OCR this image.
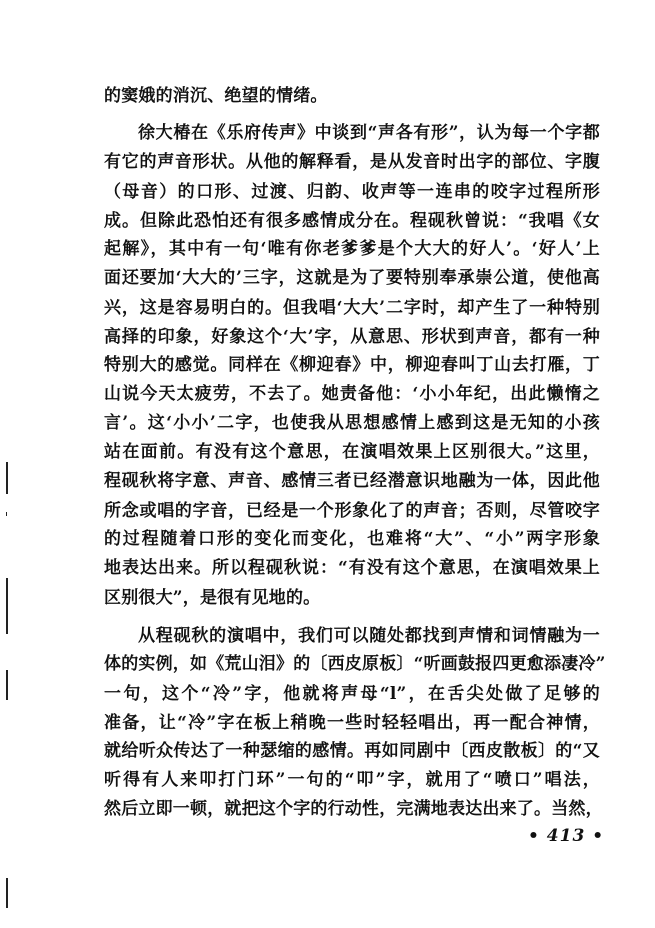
的窦娥的消沉、绝望的情绪。
徐大椿在《乐府传声》中谈到“声各有形”，认为每一个字都
有它的声音形状。从他的解释看，是从发音时出字的部位、字腹
（母音）的口形、过渡、归韵、收声等一连串的咬字过程所形
成。但除此恐怕还有很多感情成分在。程砚秋曾说：“我唱《女
起解》，其中有一句‘唯有你老爹爹是个大大的好人’。‘好人’上
面还要加‘大大的’三字，这就是为了要特别奉承崇公道，使他高
兴，这是容易明白的。但我唱‘大大’二字时，却产生了一种特别
高择的印象，好象这个‘大’字，从意思、形状到声音，都有一种
特别大的感觉。同样在《柳迎春》中，柳迎春叫丁山去打雁，丁
山说今天太疲劳，不去了。她责备他：‘小小年纪，出此懒惰之
言’。这‘小小’二字，也使我从思想感情上感到这是无知的小孩
站在面前。有没有这个意思，在演唱效果上区别很大。”这里，
程砚秋将字意、声音、感情三者已经潜意识地融为一体，因此他
所念或唱的字音，已经是一个形象化了的声音；否则，尽管咬字
的过程随着口形的变化而变化，也难将“大”、“小”两字形象
地表达出来。所以程砚秋说：“有没有这个意思，在演唱效果上
区别很大”，是很有见地的。
从程砚秋的演唱中，我们可以随处都找到声情和词情融为一
体的实例，如《荒山泪》的〔西皮原板〕“听画鼓报四更愈添凄冷”
一句，这个“冷”字，他就将声母“l”，在舌尖处做了足够的
准备，让“冷”字在板上稍晚一些时轻轻唱出，再一配合神情，
就给听众传达了一种瑟缩的感情。再如同剧中〔西皮散板〕的“又
听得有人来叩打门环”一句的“叩”字，就用了“喷口”唱法，
然后立即一顿，就把这个字的行动性，完满地表达出来了。当然，
• 413 •
